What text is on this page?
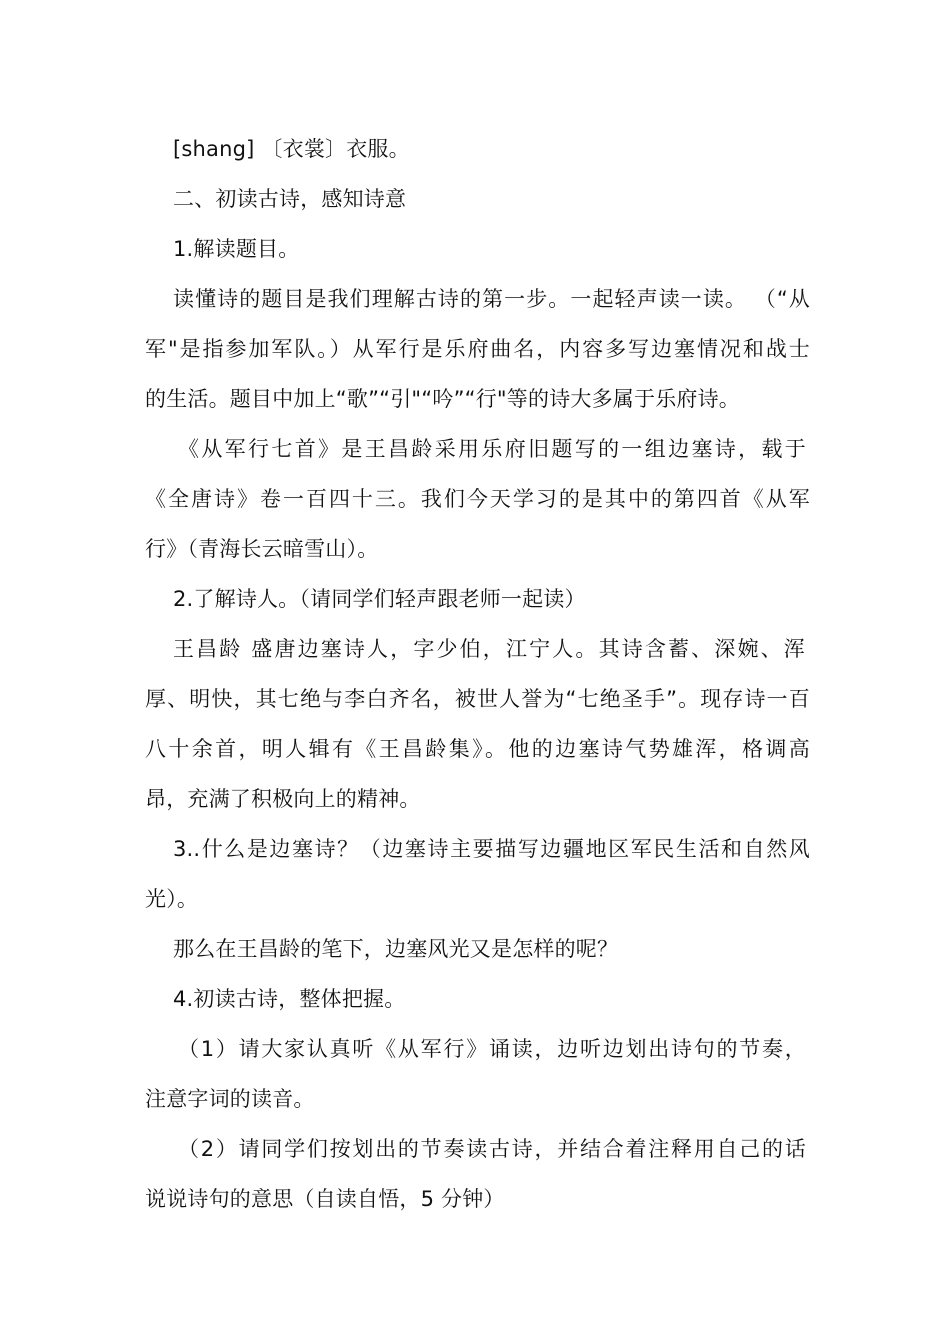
[shang] 〔衣裳〕衣服。
二、初读古诗，感知诗意
1.解读题目。
读懂诗的题目是我们理解古诗的第一步。一起轻声读一读。 （“从
军"是指参加军队。）从军行是乐府曲名，内容多写边塞情况和战士
的生活。题目中加上“歌”“引"“吟”“行"等的诗大多属于乐府诗。
《从军行七首》是王昌龄采用乐府旧题写的一组边塞诗，载于
《全唐诗》卷一百四十三。我们今天学习的是其中的第四首《从军
行》（青海长云暗雪山）。
2.了解诗人。（请同学们轻声跟老师一起读）
王昌龄 盛唐边塞诗人，字少伯，江宁人。其诗含蓄、深婉、浑
厚、明快，其七绝与李白齐名，被世人誉为“七绝圣手”。现存诗一百
八十余首，明人辑有《王昌龄集》。他的边塞诗气势雄浑，格调高
昂，充满了积极向上的精神。
3..什么是边塞诗？（边塞诗主要描写边疆地区军民生活和自然风
光）。
那么在王昌龄的笔下，边塞风光又是怎样的呢？
4.初读古诗，整体把握。
（1）请大家认真听《从军行》诵读，边听边划出诗句的节奏，
注意字词的读音。
（2）请同学们按划出的节奏读古诗，并结合着注释用自己的话
说说诗句的意思（自读自悟，5 分钟）
